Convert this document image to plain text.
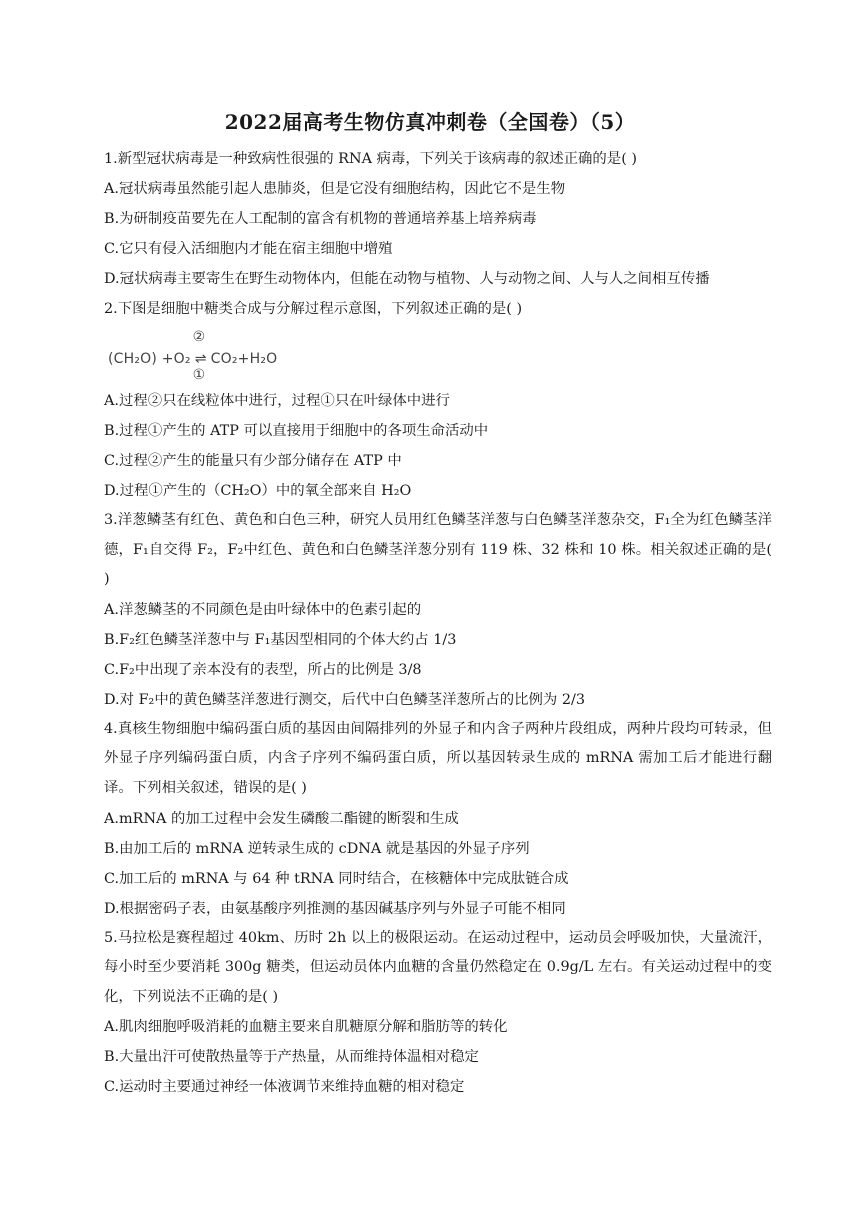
2022届高考生物仿真冲刺卷（全国卷）（5）
1.新型冠状病毒是一种致病性很强的 RNA 病毒，下列关于该病毒的叙述正确的是( )
A.冠状病毒虽然能引起人患肺炎，但是它没有细胞结构，因此它不是生物
B.为研制疫苗要先在人工配制的富含有机物的普通培养基上培养病毒
C.它只有侵入活细胞内才能在宿主细胞中增殖
D.冠状病毒主要寄生在野生动物体内，但能在动物与植物、人与动物之间、人与人之间相互传播
2.下图是细胞中糖类合成与分解过程示意图，下列叙述正确的是( )
(CH₂O) +O₂
②
⇌
①
CO₂+H₂O
A.过程②只在线粒体中进行，过程①只在叶绿体中进行
B.过程①产生的 ATP 可以直接用于细胞中的各项生命活动中
C.过程②产生的能量只有少部分储存在 ATP 中
D.过程①产生的（CH₂O）中的氧全部来自 H₂O
3.洋葱鳞茎有红色、黄色和白色三种，研究人员用红色鳞茎洋葱与白色鳞茎洋葱杂交，F₁全为红色鳞茎洋德，F₁自交得 F₂，F₂中红色、黄色和白色鳞茎洋葱分别有 119 株、32 株和 10 株。相关叙述正确的是( )
A.洋葱鳞茎的不同颜色是由叶绿体中的色素引起的
B.F₂红色鳞茎洋葱中与 F₁基因型相同的个体大约占 1/3
C.F₂中出现了亲本没有的表型，所占的比例是 3/8
D.对 F₂中的黄色鳞茎洋葱进行测交，后代中白色鳞茎洋葱所占的比例为 2/3
4.真核生物细胞中编码蛋白质的基因由间隔排列的外显子和内含子两种片段组成，两种片段均可转录，但外显子序列编码蛋白质，内含子序列不编码蛋白质，所以基因转录生成的 mRNA 需加工后才能进行翻译。下列相关叙述，错误的是( )
A.mRNA 的加工过程中会发生磷酸二酯键的断裂和生成
B.由加工后的 mRNA 逆转录生成的 cDNA 就是基因的外显子序列
C.加工后的 mRNA 与 64 种 tRNA 同时结合，在核糖体中完成肽链合成
D.根据密码子表，由氨基酸序列推测的基因碱基序列与外显子可能不相同
5.马拉松是赛程超过 40km、历时 2h 以上的极限运动。在运动过程中，运动员会呼吸加快，大量流汗，每小时至少要消耗 300g 糖类，但运动员体内血糖的含量仍然稳定在 0.9g/L 左右。有关运动过程中的变化，下列说法不正确的是( )
A.肌肉细胞呼吸消耗的血糖主要来自肌糖原分解和脂肪等的转化
B.大量出汗可使散热量等于产热量，从而维持体温相对稳定
C.运动时主要通过神经一体液调节来维持血糖的相对稳定
